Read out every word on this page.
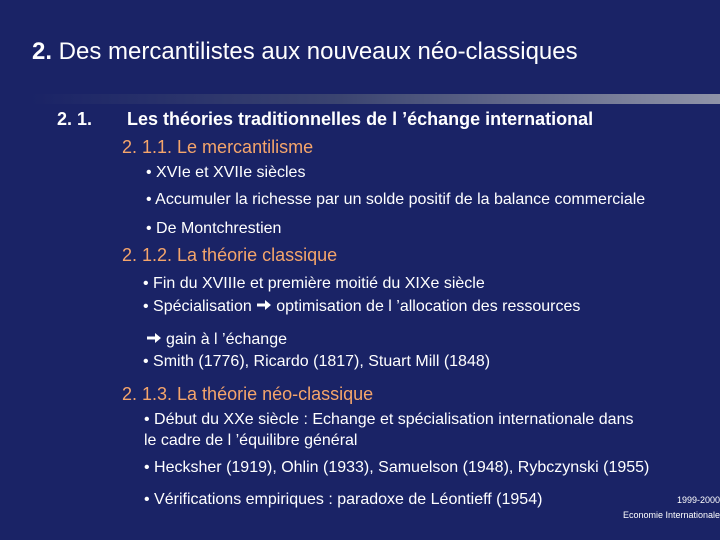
2. Des mercantilistes aux nouveaux néo-classiques
2. 1. Les théories traditionnelles de l ’échange international
2. 1.1. Le mercantilisme
• XVIe et XVIIe siècles
• Accumuler la richesse par un solde positif de la balance commerciale
• De Montchrestien
2. 1.2. La théorie classique
• Fin du XVIIIe et première moitié du XIXe siècle
• Spécialisation optimisation de l ’allocation des ressources
gain à l ’échange
• Smith (1776), Ricardo (1817), Stuart Mill (1848)
2. 1.3. La théorie néo-classique
• Début du XXe siècle : Echange et spécialisation internationale dans
le cadre de l ’équilibre général
• Hecksher (1919), Ohlin (1933), Samuelson (1948), Rybczynski (1955)
• Vérifications empiriques : paradoxe de Léontieff (1954)	1999-2000
Economie Internationale
